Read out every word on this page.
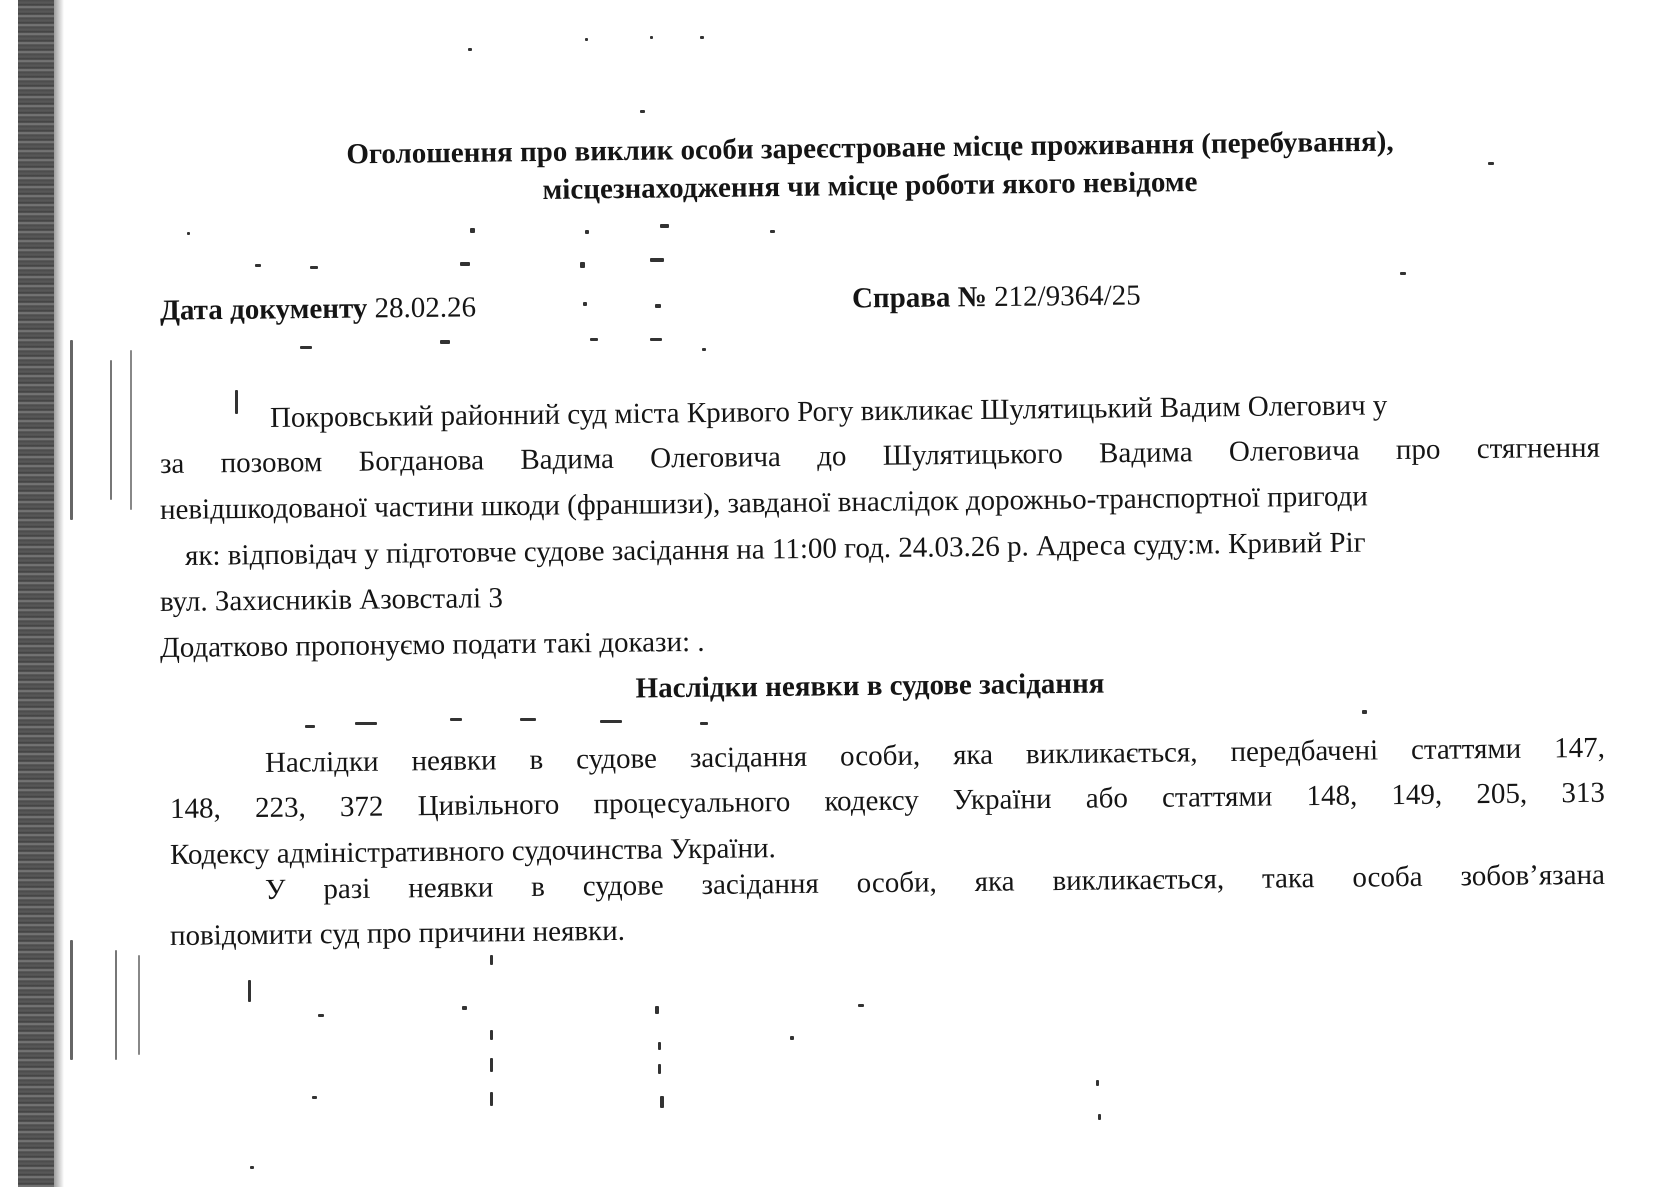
Оголошення про виклик особи зареєстроване місце проживання (перебування),
місцезнаходження чи місце роботи якого невідоме
Дата документу 28.02.26	Справа № 212/9364/25
Покровський районний суд міста Кривого Рогу викликає Шулятицький Вадим Олегович у
за позовом Богданова Вадима Олеговича до Шулятицького Вадима Олеговича про стягнення
невідшкодованої частини шкоди (франшизи), завданої внаслідок дорожньо-транспортної пригоди
як: відповідач у підготовче судове засідання на 11:00 год. 24.03.26 р. Адреса суду:м. Кривий Ріг
вул. Захисників Азовсталі 3
Додатково пропонуємо подати такі докази: .
Наслідки неявки в судове засідання
Наслідки неявки в судове засідання особи, яка викликається, передбачені статтями 147,
148, 223, 372 Цивільного процесуального кодексу України або статтями 148, 149, 205, 313
Кодексу адміністративного судочинства України.
У разі неявки в судове засідання особи, яка викликається, така особа зобов’язана
повідомити суд про причини неявки.
